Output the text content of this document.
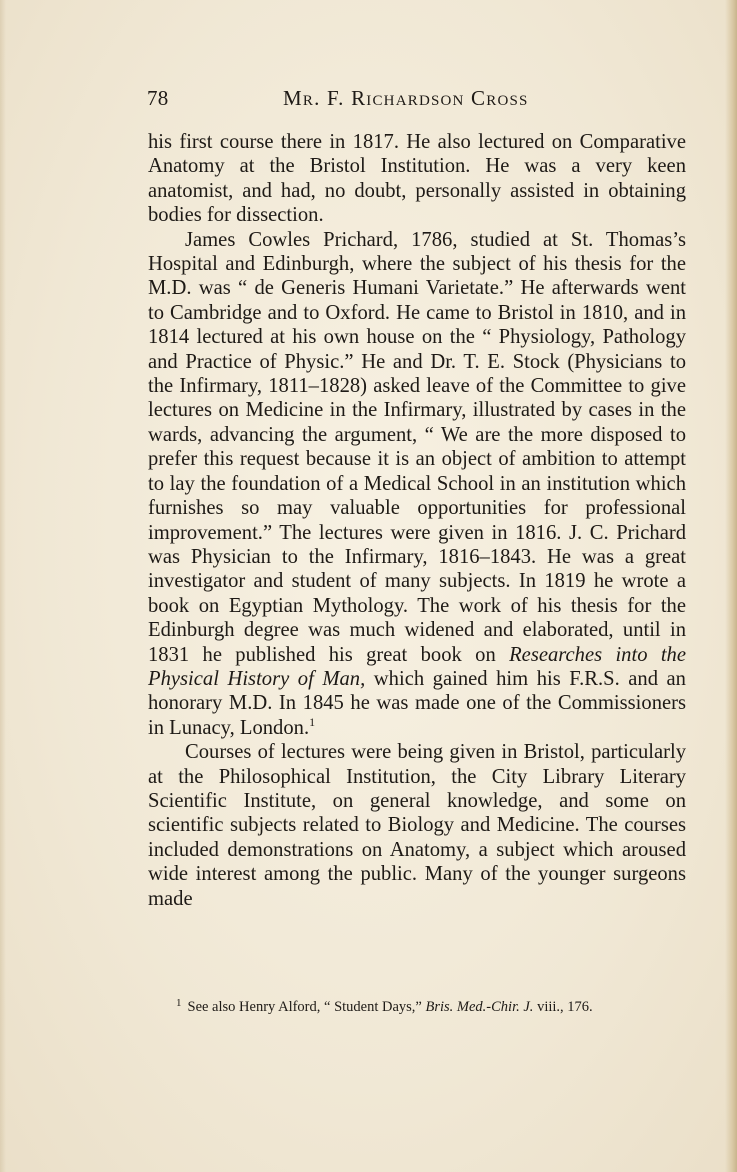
78	Mr. F. Richardson Cross

his first course there in 1817. He also lectured on Comparative Anatomy at the Bristol Institution. He was a very keen anatomist, and had, no doubt, personally assisted in obtaining bodies for dissection.

James Cowles Prichard, 1786, studied at St. Thomas’s Hospital and Edinburgh, where the subject of his thesis for the M.D. was “ de Generis Humani Varietate.” He afterwards went to Cambridge and to Oxford. He came to Bristol in 1810, and in 1814 lectured at his own house on the “ Physiology, Pathology and Practice of Physic.” He and Dr. T. E. Stock (Physicians to the Infirmary, 1811–1828) asked leave of the Committee to give lectures on Medicine in the Infirmary, illustrated by cases in the wards, advancing the argument, “ We are the more disposed to prefer this request because it is an object of ambition to attempt to lay the foundation of a Medical School in an institution which furnishes so may valuable opportunities for professional improvement.” The lectures were given in 1816. J. C. Prichard was Physician to the Infirmary, 1816–1843. He was a great investigator and student of many subjects. In 1819 he wrote a book on Egyptian Mythology. The work of his thesis for the Edinburgh degree was much widened and elaborated, until in 1831 he published his great book on Researches into the Physical History of Man, which gained him his F.R.S. and an honorary M.D. In 1845 he was made one of the Commissioners in Lunacy, London.$^1$

Courses of lectures were being given in Bristol, particularly at the Philosophical Institution, the City Library Literary Scientific Institute, on general knowledge, and some on scientific subjects related to Biology and Medicine. The courses included demonstrations on Anatomy, a subject which aroused wide interest among the public. Many of the younger surgeons made

$^1$ See also Henry Alford, “ Student Days,” Bris. Med.-Chir. J. viii., 176.
